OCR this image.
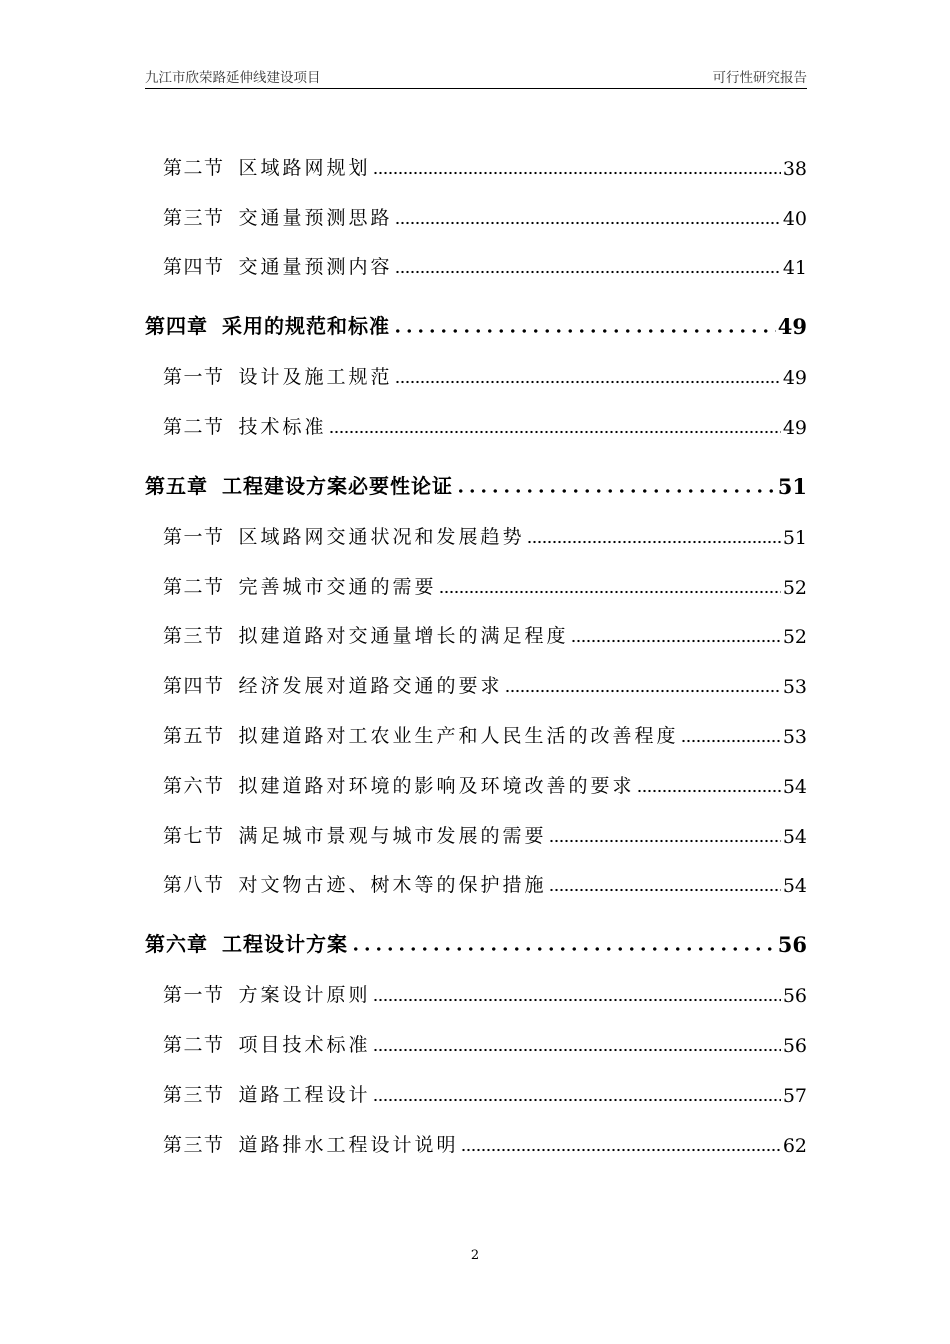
九江市欣荣路延伸线建设项目	可行性研究报告
第二节 区域路网规划	38
第三节 交通量预测思路	40
第四节 交通量预测内容	41
第四章 采用的规范和标准	49
第一节 设计及施工规范	49
第二节 技术标准	49
第五章 工程建设方案必要性论证	51
第一节 区域路网交通状况和发展趋势	51
第二节 完善城市交通的需要	52
第三节 拟建道路对交通量增长的满足程度	52
第四节 经济发展对道路交通的要求	53
第五节 拟建道路对工农业生产和人民生活的改善程度	53
第六节 拟建道路对环境的影响及环境改善的要求	54
第七节 满足城市景观与城市发展的需要	54
第八节 对文物古迹、树木等的保护措施	54
第六章 工程设计方案	56
第一节 方案设计原则	56
第二节 项目技术标准	56
第三节 道路工程设计	57
第三节 道路排水工程设计说明	62
2
